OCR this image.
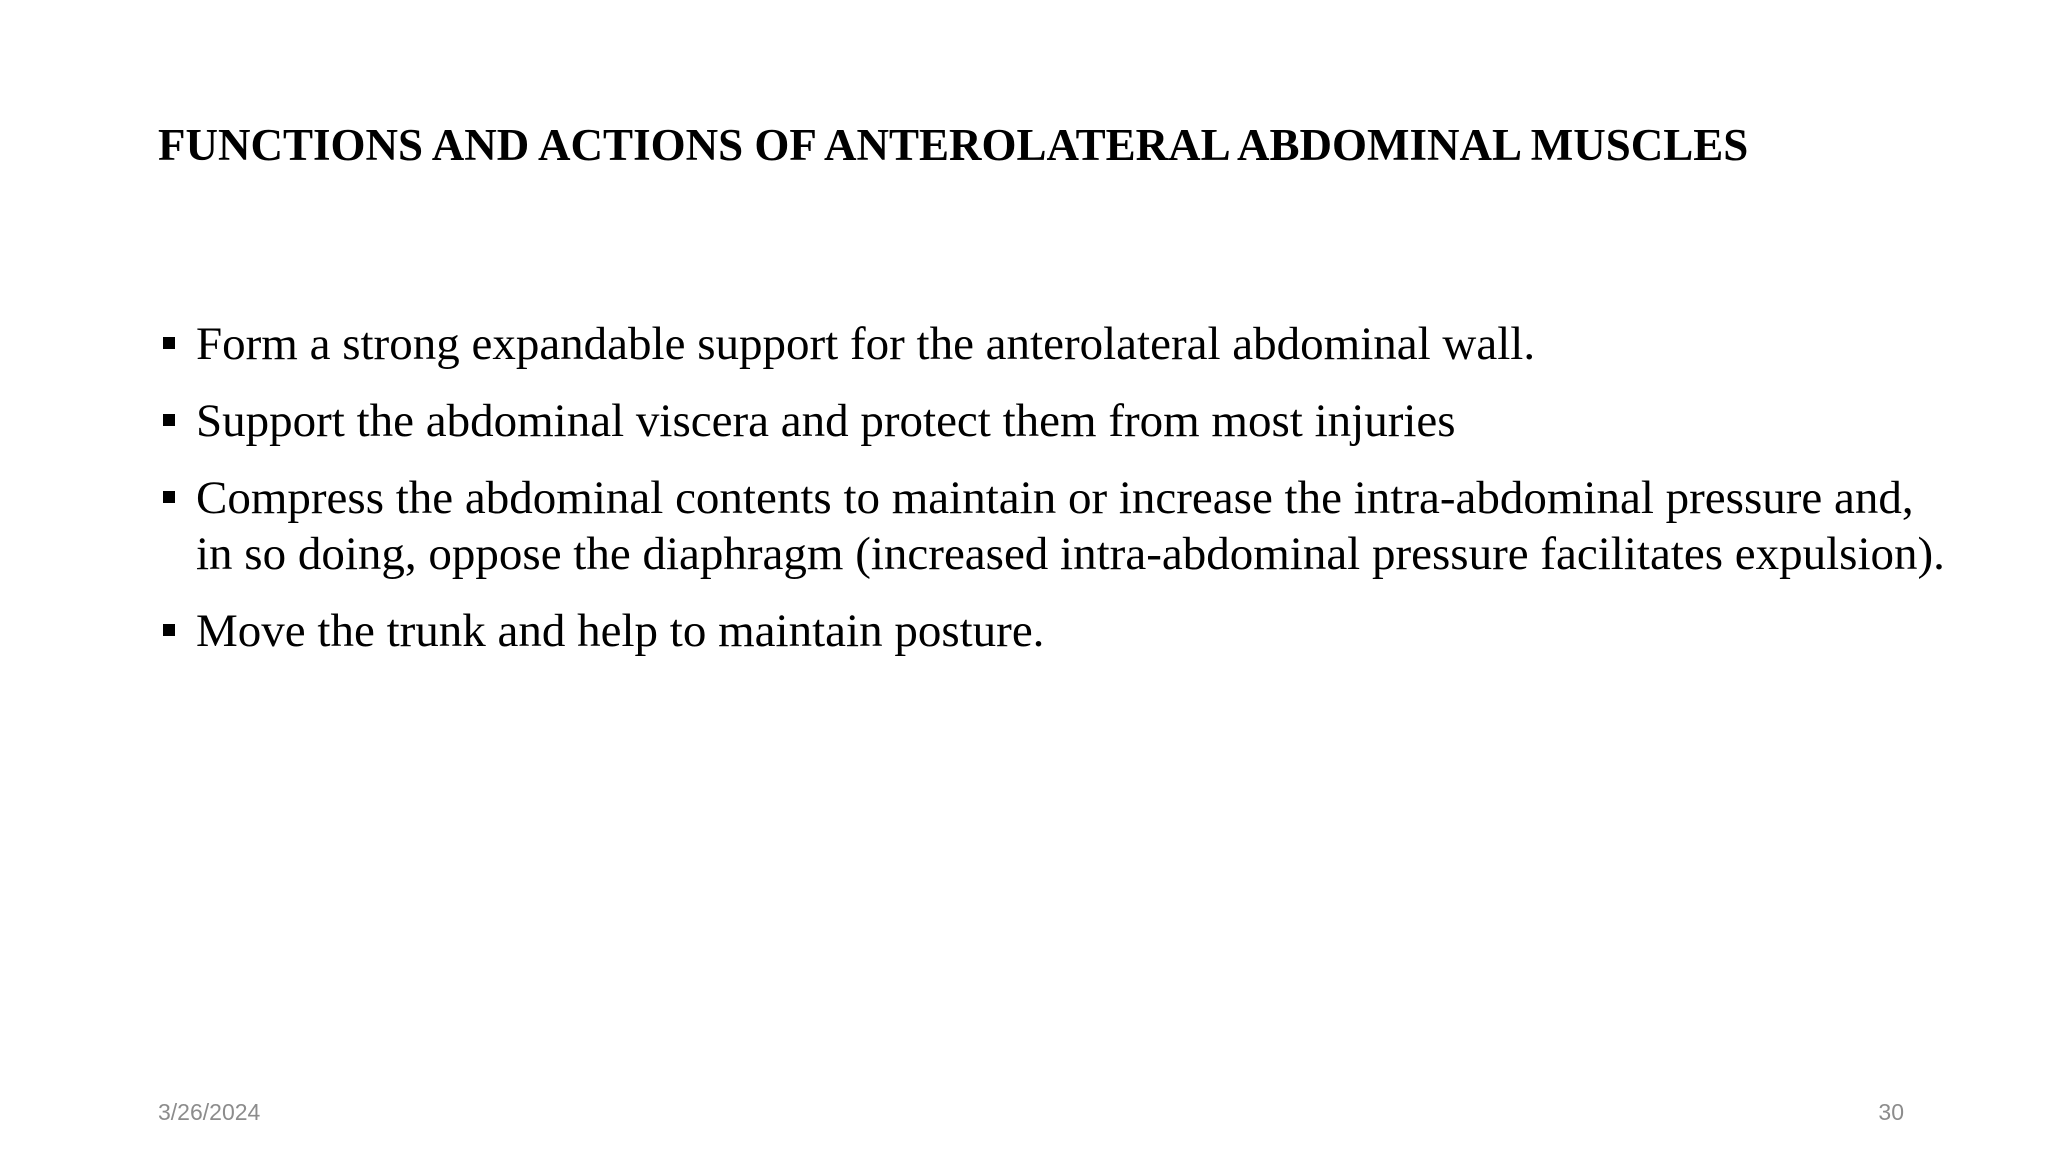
FUNCTIONS AND ACTIONS OF ANTEROLATERAL ABDOMINAL MUSCLES
Form a strong expandable support for the anterolateral abdominal wall.
Support the abdominal viscera and protect them from most injuries
Compress the abdominal contents to maintain or increase the intra-abdominal pressure and, in so doing, oppose the diaphragm (increased intra-abdominal pressure facilitates expulsion).
Move the trunk and help to maintain posture.
3/26/2024	30
